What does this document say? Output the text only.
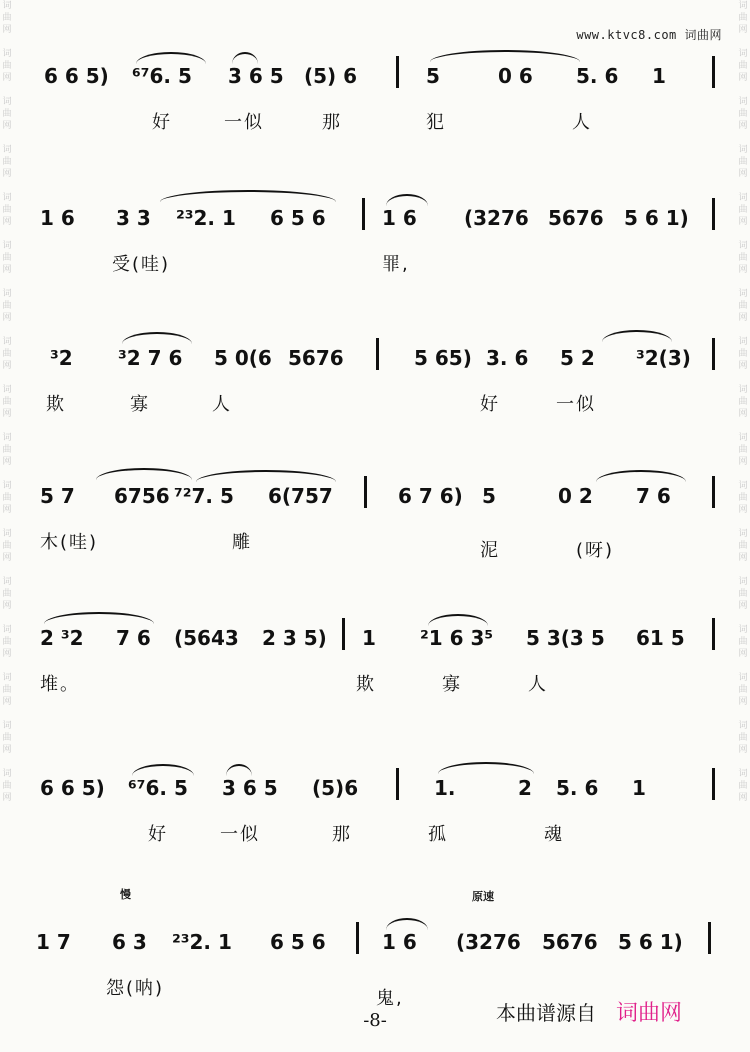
词
曲
网

词
曲
网

词
曲
网

词
曲
网

词
曲
网

词
曲
网

词
曲
网

词
曲
网

词
曲
网

词
曲
网

词
曲
网

词
曲
网

词
曲
网

词
曲
网

词
曲
网

词
曲
网

词
曲
网

词
曲
网

词
曲
网

词
曲
网

词
曲
网

词
曲
网

词
曲
网

词
曲
网

词
曲
网

词
曲
网

词
曲
网

词
曲
网

词
曲
网

词
曲
网

词
曲
网

词
曲
网

词
曲
网

词
曲
网

www.ktvc8.com 词曲网
6 6 5) ⁶⁷6. 5 3 6 5 (5) 6	5	0 6 5. 6 1
好	一似	那	犯	人
1 6 3 3 ²³2. 1 6 5 6	1 6 (3276 5676 5 6 1)
受(哇)	罪,
³2 ³2 7 6 5 0(6 5676	5 65) 3. 6 5 2 ³2(3)
欺	寡	人	好	一似
5 7 6756 ⁷²7. 5 6(757	6 7 6) 5	0 2 7 6
木(哇)	雕	泥	(呀)
2 ³2 7 6 (5643 2 3 5) 1 ²1 6 3⁵ 5 3(3 5 61 5
堆。	欺	寡	人
6 6 5) ⁶⁷6. 5 3 6 5 (5)6	1.	2 5. 6 1
好	一似	那	孤	魂
慢	原速
1 7 6 3 ²³2. 1 6 5 6	1 6 (3276 5676 5 6 1)
怨(呐)	鬼,
-8-	本曲谱源自 词曲网
